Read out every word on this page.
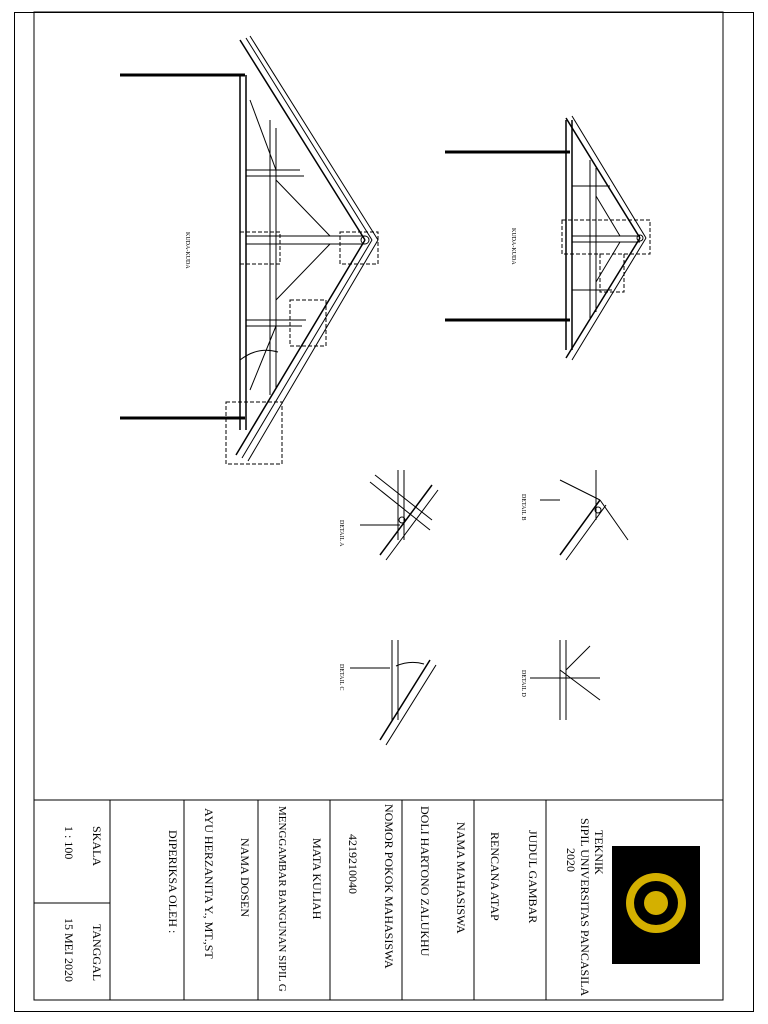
KUDA-KUDA	KUDA-KUDA
DETAIL A
DETAIL B
DETAIL C	DETAIL D
TEKNIK
SIPIL UNIVERSITAS PANCASILA
2020
JUDUL GAMBAR
RENCANA ATAP
NAMA MAHASISWA
DOLI HARTONO ZALUKHU
NOMOR POKOK MAHASISWA
4219210040
MATA KULIAH
MENGGAMBAR BANGUNAN SIPIL G
NAMA DOSEN
AYU HERZANITA Y., MT.,ST
DIPERIKSA OLEH :
SKALA
1 : 100
TANGGAL
15 MEI 2020
